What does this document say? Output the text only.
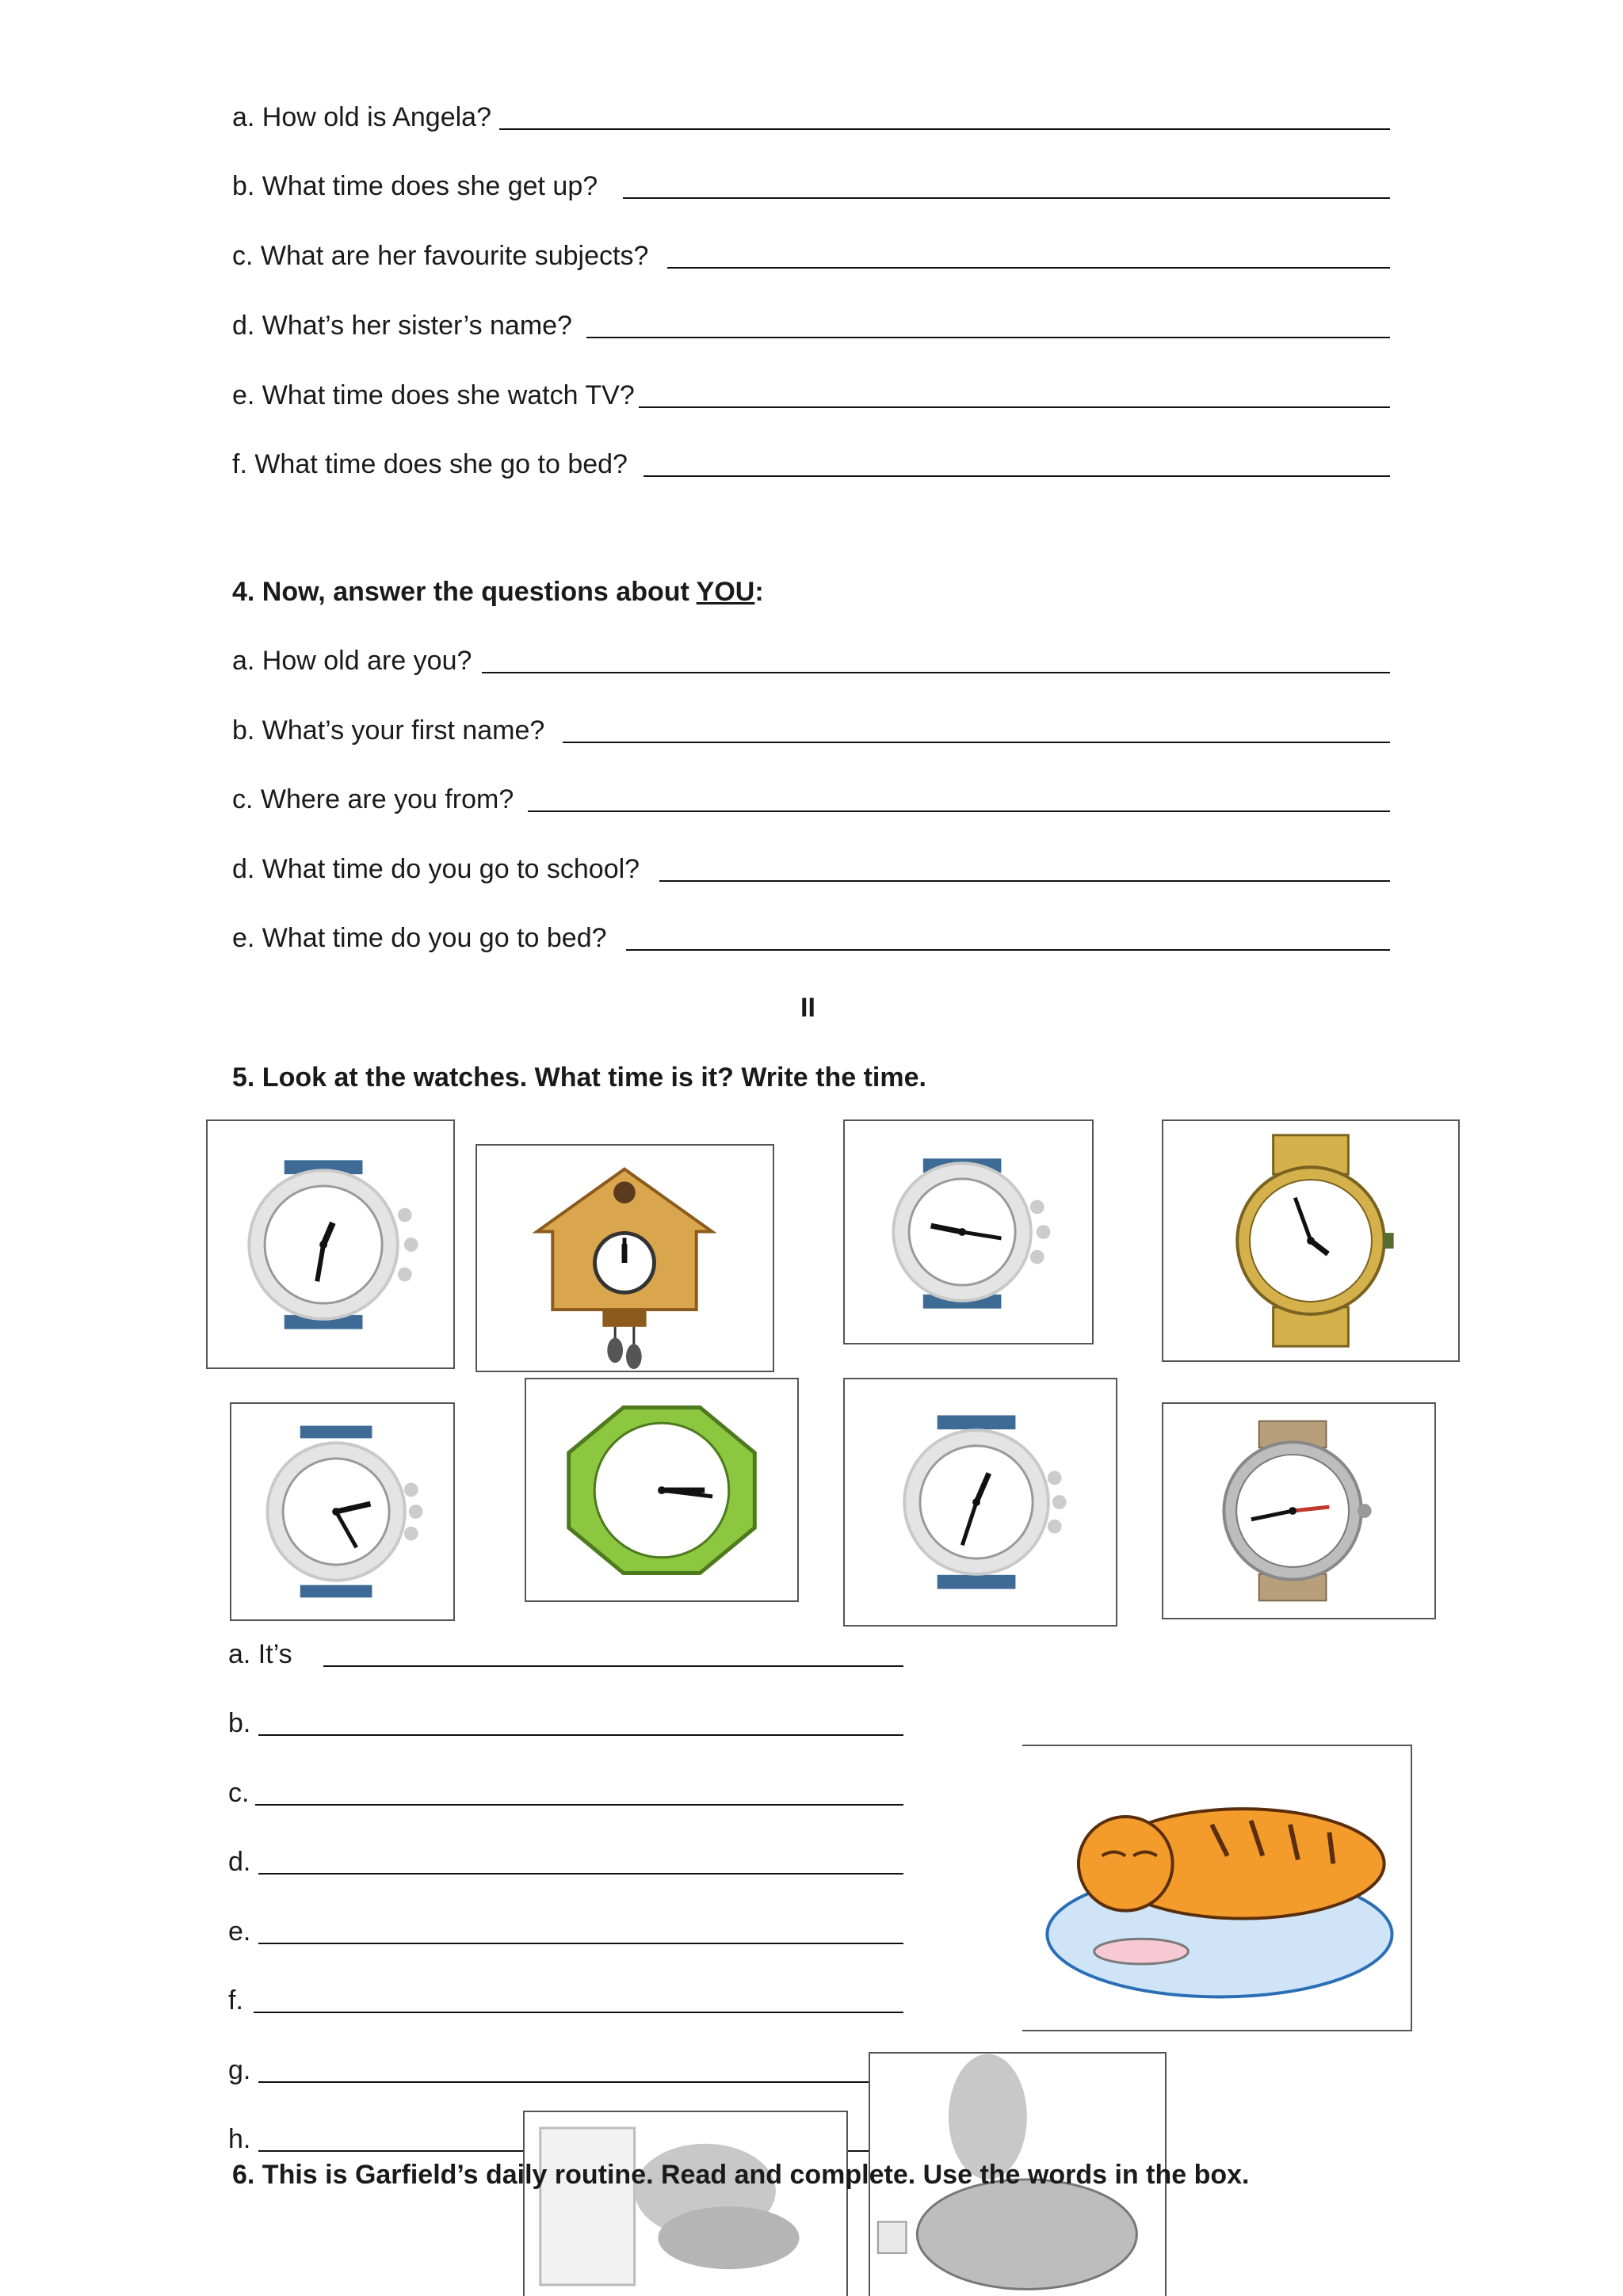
a. How old is Angela?
b. What time does she get up?
c. What are her favourite subjects?
d. What’s her sister’s name?
e. What time does she watch TV?
f. What time does she go to bed?
4. Now, answer the questions about YOU:
a. How old are you?
b. What’s your first name?
c. Where are you from?
d. What time do you go to school?
e. What time do you go to bed?
II
5. Look at the watches. What time is it? Write the time.
a. It’s
b.
c.
d.
e.
f.
g.
h.
6. This is Garfield’s daily routine. Read and complete. Use the words in the box.
